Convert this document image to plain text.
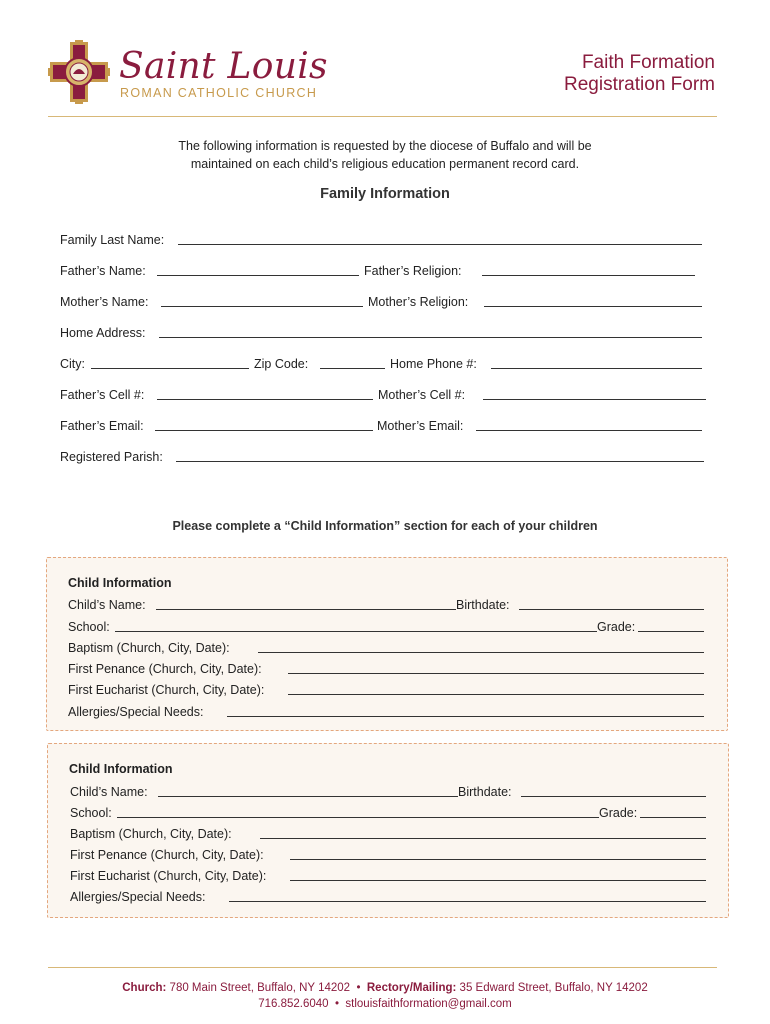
Saint Louis
ROMAN CATHOLIC CHURCH
Faith Formation
Registration Form
The following information is requested by the diocese of Buffalo and will be
maintained on each child’s religious education permanent record card.
Family Information
Family Last Name:
Father’s Name:	Father’s Religion:
Mother’s Name:	Mother’s Religion:
Home Address:
City:	Zip Code:	Home Phone #:
Father’s Cell #:	Mother’s Cell #:
Father’s Email:	Mother’s Email:
Registered Parish:
Please complete a “Child Information” section for each of your children
Child Information
Child’s Name:	Birthdate:
School:	Grade:
Baptism (Church, City, Date):
First Penance (Church, City, Date):
First Eucharist (Church, City, Date):
Allergies/Special Needs:
Child Information
Child’s Name:	Birthdate:
School:	Grade:
Baptism (Church, City, Date):
First Penance (Church, City, Date):
First Eucharist (Church, City, Date):
Allergies/Special Needs:
Church: 780 Main Street, Buffalo, NY 14202 • Rectory/Mailing: 35 Edward Street, Buffalo, NY 14202
716.852.6040 • stlouisfaithformation@gmail.com
